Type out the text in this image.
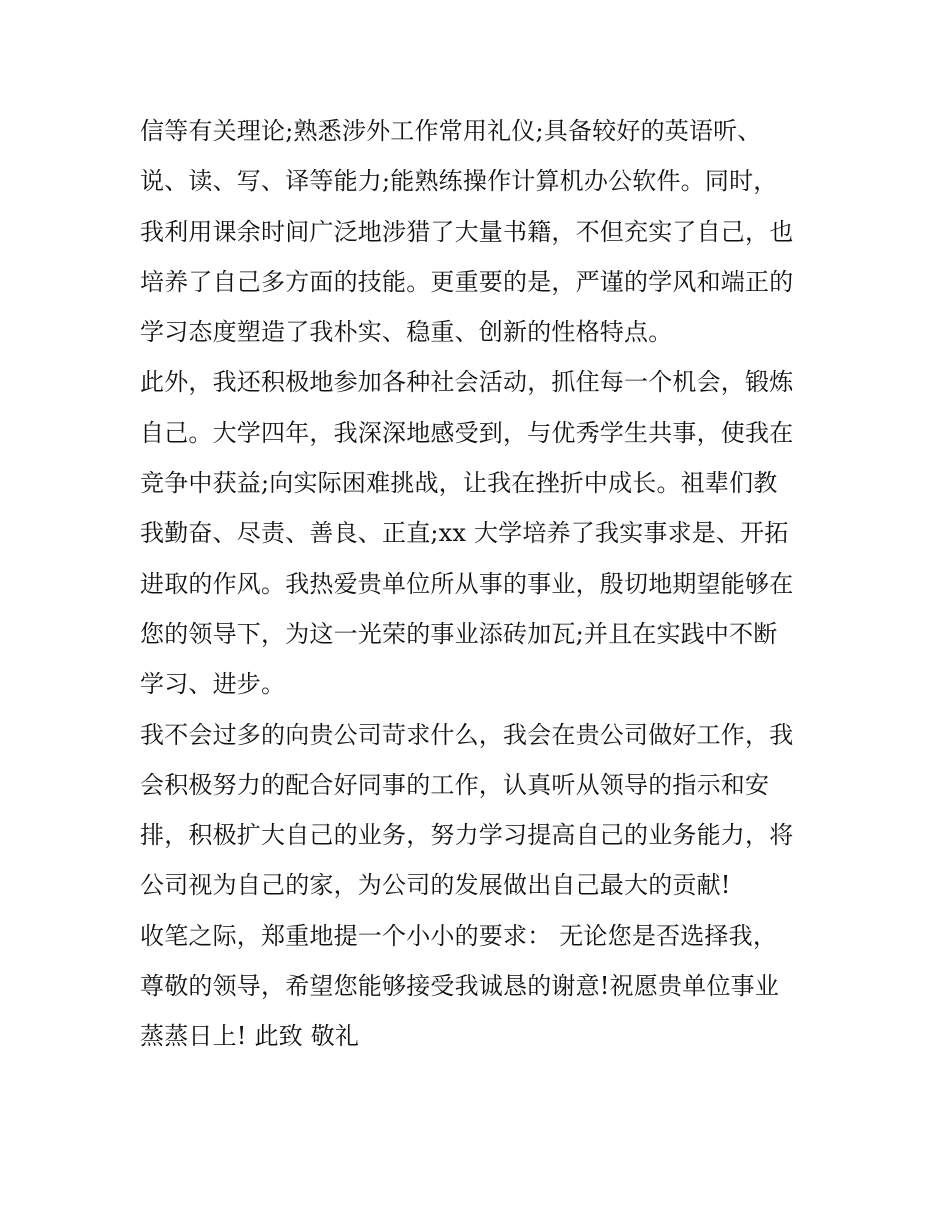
信等有关理论;熟悉涉外工作常用礼仪;具备较好的英语听、
说、读、写、译等能力;能熟练操作计算机办公软件。同时，
我利用课余时间广泛地涉猎了大量书籍，不但充实了自己，也
培养了自己多方面的技能。更重要的是，严谨的学风和端正的
学习态度塑造了我朴实、稳重、创新的性格特点。
此外，我还积极地参加各种社会活动，抓住每一个机会，锻炼
自己。大学四年，我深深地感受到，与优秀学生共事，使我在
竞争中获益;向实际困难挑战，让我在挫折中成长。祖辈们教
我勤奋、尽责、善良、正直;xx 大学培养了我实事求是、开拓
进取的作风。我热爱贵单位所从事的事业，殷切地期望能够在
您的领导下，为这一光荣的事业添砖加瓦;并且在实践中不断
学习、进步。
我不会过多的向贵公司苛求什么，我会在贵公司做好工作，我
会积极努力的配合好同事的工作，认真听从领导的指示和安
排，积极扩大自己的业务，努力学习提高自己的业务能力，将
公司视为自己的家，为公司的发展做出自己最大的贡献!
收笔之际，郑重地提一个小小的要求： 无论您是否选择我，
尊敬的领导，希望您能够接受我诚恳的谢意!祝愿贵单位事业
蒸蒸日上! 此致 敬礼
